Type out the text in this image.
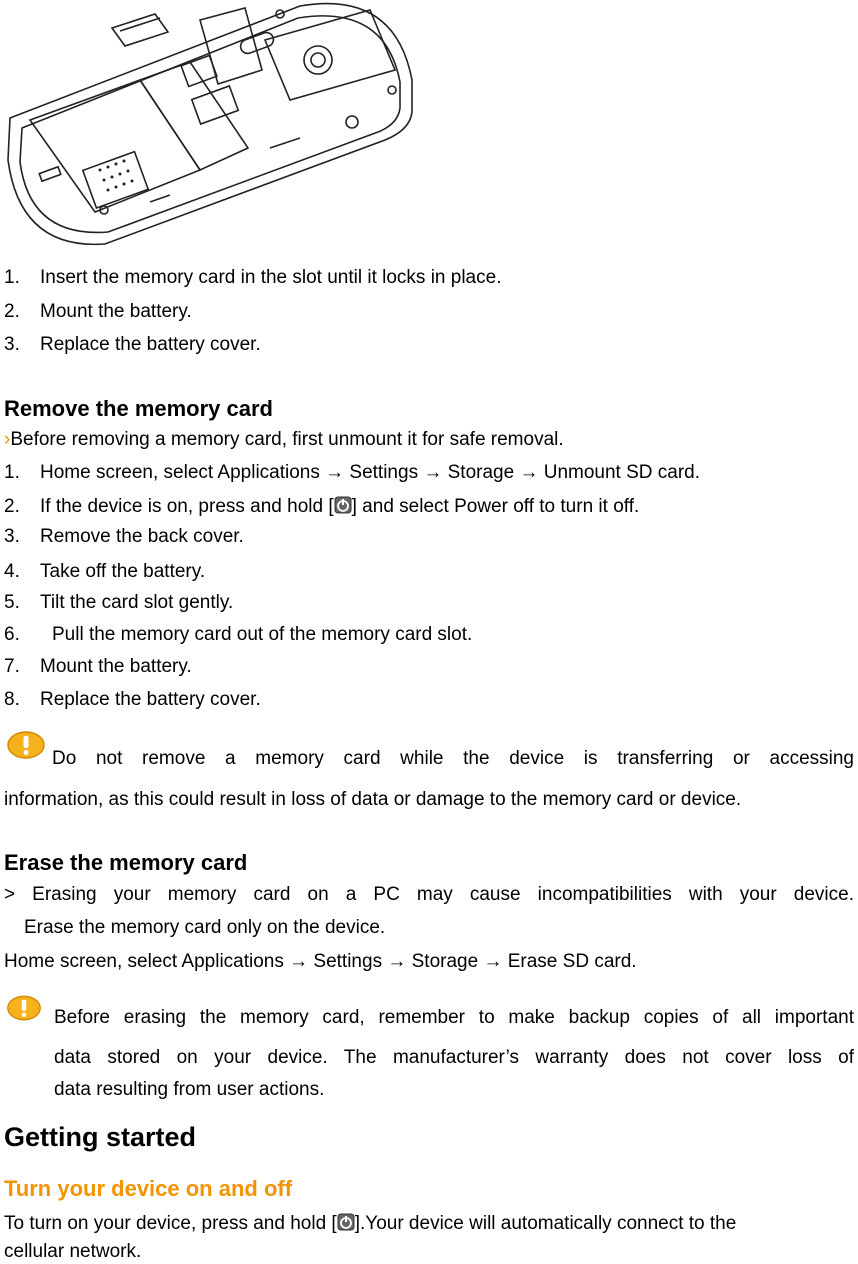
1. Insert the memory card in the slot until it locks in place.
2. Mount the battery.
3. Replace the battery cover.
Remove the memory card
›Before removing a memory card, first unmount it for safe removal.
1. Home screen, select Applications → Settings → Storage → Unmount SD card.
2. If the device is on, press and hold [ ] and select Power off to turn it off.
3. Remove the back cover.
4. Take off the battery.
5. Tilt the card slot gently.
6. Pull the memory card out of the memory card slot.
7. Mount the battery.
8. Replace the battery cover.
Do not remove a memory card while the device is transferring or accessing
information, as this could result in loss of data or damage to the memory card or device.
Erase the memory card
> Erasing your memory card on a PC may cause incompatibilities with your device.
Erase the memory card only on the device.
Home screen, select Applications → Settings → Storage → Erase SD card.
Before erasing the memory card, remember to make backup copies of all important
data stored on your device. The manufacturer’s warranty does not cover loss of
data resulting from user actions.
Getting started
Turn your device on and off
To turn on your device, press and hold [ ].Your device will automatically connect to the
cellular network.
